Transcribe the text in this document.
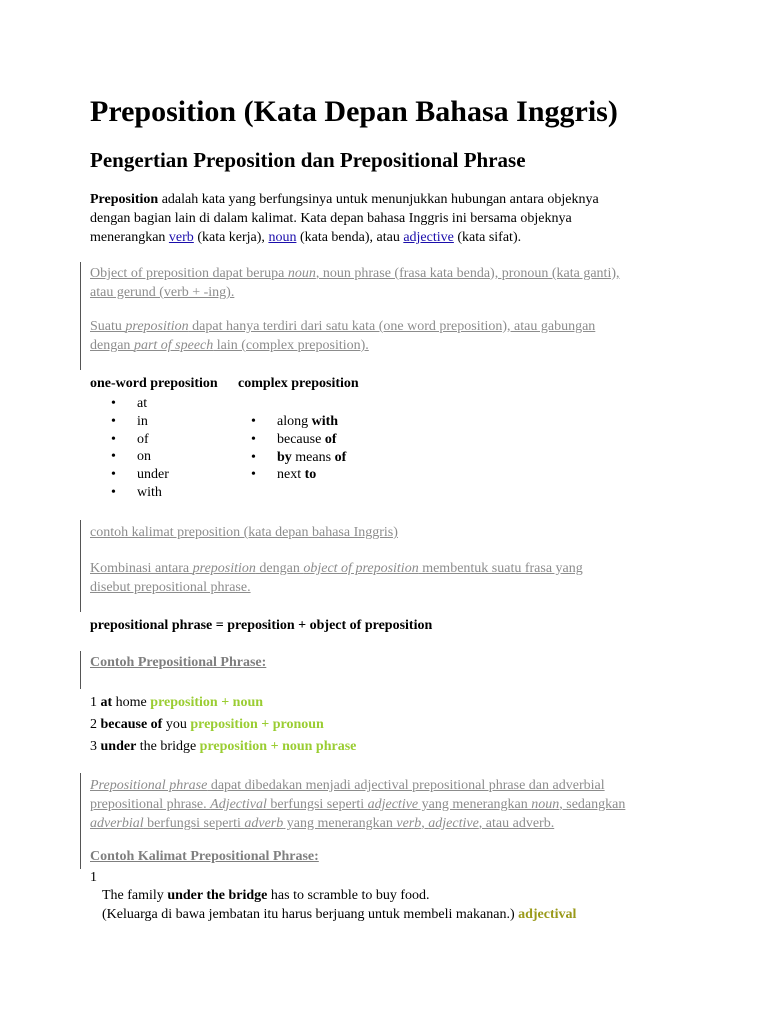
Preposition (Kata Depan Bahasa Inggris)
Pengertian Preposition dan Prepositional Phrase
Preposition adalah kata yang berfungsinya untuk menunjukkan hubungan antara objeknya
dengan bagian lain di dalam kalimat. Kata depan bahasa Inggris ini bersama objeknya
menerangkan verb (kata kerja), noun (kata benda), atau adjective (kata sifat).
Object of preposition dapat berupa noun, noun phrase (frasa kata benda), pronoun (kata ganti),
atau gerund (verb + -ing).
Suatu preposition dapat hanya terdiri dari satu kata (one word preposition), atau gabungan
dengan part of speech lain (complex preposition).
one-word preposition complex preposition
• at
• in
• of
• on
• under
• with
• along with
• because of
• by means of
• next to
contoh kalimat preposition (kata depan bahasa Inggris)
Kombinasi antara preposition dengan object of preposition membentuk suatu frasa yang
disebut prepositional phrase.
prepositional phrase = preposition + object of preposition
Contoh Prepositional Phrase:
1 at home preposition + noun
2 because of you preposition + pronoun
3 under the bridge preposition + noun phrase
Prepositional phrase dapat dibedakan menjadi adjectival prepositional phrase dan adverbial
prepositional phrase. Adjectival berfungsi seperti adjective yang menerangkan noun, sedangkan
adverbial berfungsi seperti adverb yang menerangkan verb, adjective, atau adverb.
Contoh Kalimat Prepositional Phrase:
1
The family under the bridge has to scramble to buy food.
(Keluarga di bawa jembatan itu harus berjuang untuk membeli makanan.) adjectival
